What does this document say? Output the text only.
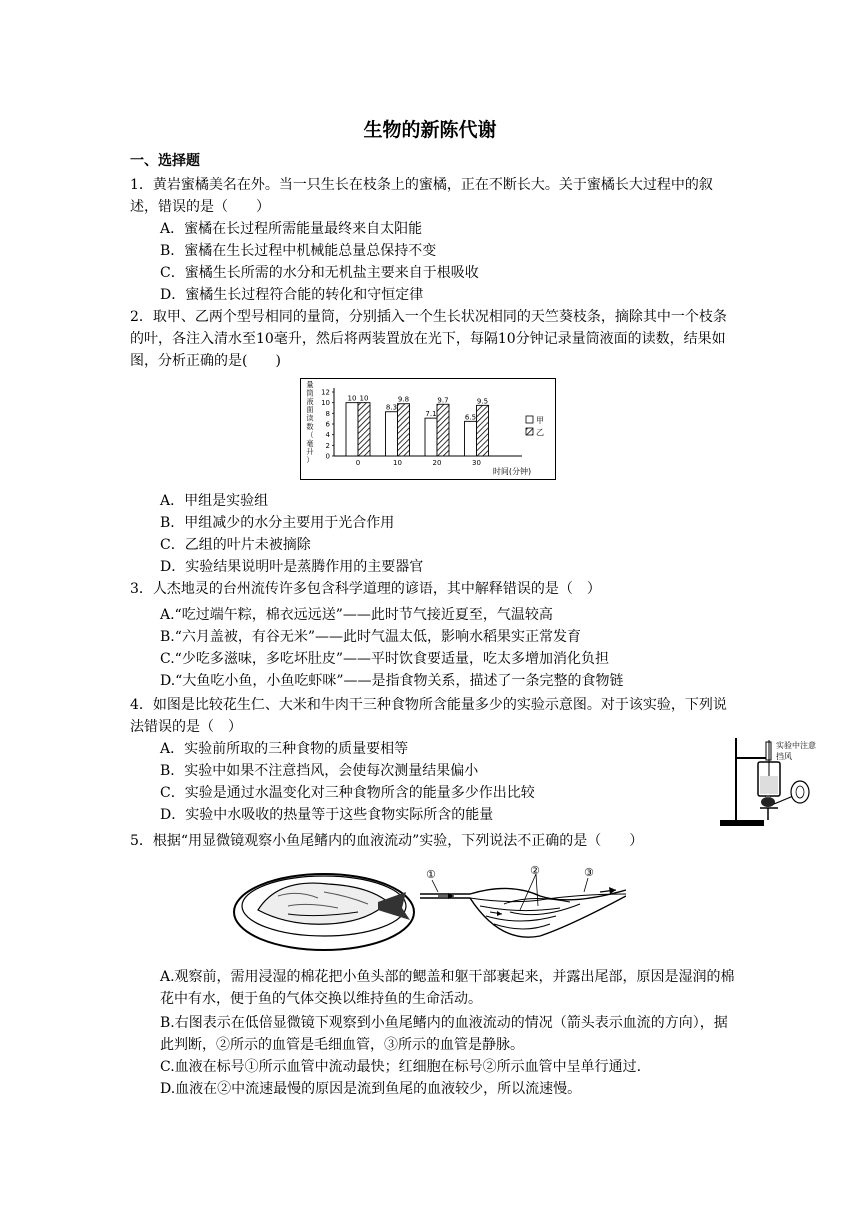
生物的新陈代谢
一、选择题
1．黄岩蜜橘美名在外。当一只生长在枝条上的蜜橘，正在不断长大。关于蜜橘长大过程中的叙述，错误的是（　　）
A．蜜橘在长过程所需能量最终来自太阳能
B．蜜橘在生长过程中机械能总量总保持不变
C．蜜橘生长所需的水分和无机盐主要来自于根吸收
D．蜜橘生长过程符合能的转化和守恒定律
2．取甲、乙两个型号相同的量筒，分别插入一个生长状况相同的天竺葵枝条，摘除其中一个枝条的叶，各注入清水至10毫升，然后将两装置放在光下，每隔10分钟记录量筒液面的读数，结果如图，分析正确的是(　　)
量
筒
液
面
读
数
（
毫
升
） 0
2
4
6
8
10
12
10 10
0
8.3
9.8
10
7.1
9.7
20
6.5
9.5
30
甲
乙
时间(分钟)
A．甲组是实验组
B．甲组减少的水分主要用于光合作用
C．乙组的叶片未被摘除
D．实验结果说明叶是蒸腾作用的主要器官
3．人杰地灵的台州流传许多包含科学道理的谚语，其中解释错误的是（　）
A.“吃过端午粽，棉衣远远送”——此时节气接近夏至，气温较高
B.“六月盖被，有谷无米”——此时气温太低，影响水稻果实正常发育
C.“少吃多滋味，多吃坏肚皮”——平时饮食要适量，吃太多增加消化负担
D.“大鱼吃小鱼，小鱼吃虾咪”——是指食物关系，描述了一条完整的食物链
4．如图是比较花生仁、大米和牛肉干三种食物所含能量多少的实验示意图。对于该实验，下列说法错误的是（　）
A．实验前所取的三种食物的质量要相等
B．实验中如果不注意挡风，会使每次测量结果偏小
C．实验是通过水温变化对三种食物所含的能量多少作出比较
D．实验中水吸收的热量等于这些食物实际所含的能量
实验中注意挡风
5．根据“用显微镜观察小鱼尾鳍内的血液流动”实验，下列说法不正确的是（　　）
①	②	③
A.观察前，需用浸湿的棉花把小鱼头部的鳃盖和躯干部裹起来，并露出尾部，原因是湿润的棉花中有水，便于鱼的气体交换以维持鱼的生命活动。
B.右图表示在低倍显微镜下观察到小鱼尾鳍内的血液流动的情况（箭头表示血流的方向），据此判断，②所示的血管是毛细血管，③所示的血管是静脉。
C.血液在标号①所示血管中流动最快；红细胞在标号②所示血管中呈单行通过.
D.血液在②中流速最慢的原因是流到鱼尾的血液较少，所以流速慢。
